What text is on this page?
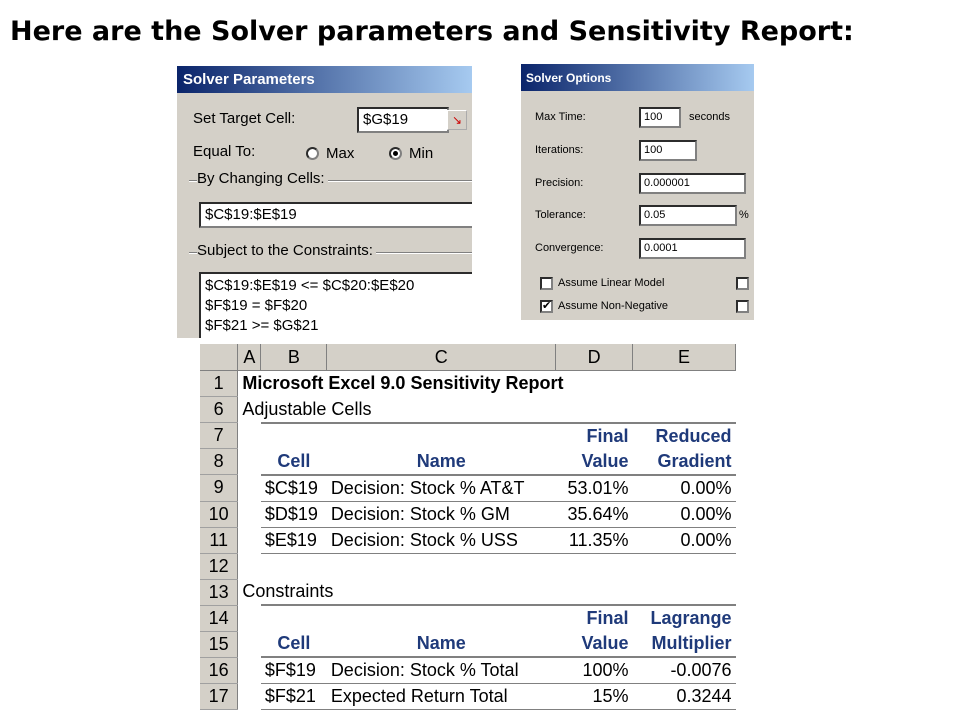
Here are the Solver parameters and Sensitivity Report:
Solver Parameters
Set Target Cell:	$G$19	↘
Equal To:	Max	Min
By Changing Cells:
$C$19:$E$19
Subject to the Constraints:
$C$19:$E$19 <= $C$20:$E$20
$F$19 = $F$20
$F$21 >= $G$21
Solver Options
Max Time:	100	seconds
Iterations:	100
Precision:	0.000001
Tolerance:	0.05	%
Convergence:	0.0001
Assume Linear Model
✔ Assume Non-Negative
	A	B	C	D	E
1	Microsoft Excel 9.0 Sensitivity Report				
6	Adjustable Cells				
7				Final	Reduced
8		Cell	Name	Value	Gradient
9		$C$19	Decision: Stock % AT&T	53.01%	0.00%
10		$D$19	Decision: Stock % GM	35.64%	0.00%
11		$E$19	Decision: Stock % USS	11.35%	0.00%
12					
13	Constraints				
14				Final	Lagrange
15		Cell	Name	Value	Multiplier
16		$F$19	Decision: Stock % Total	100%	-0.0076
17		$F$21	Expected Return Total	15%	0.3244
